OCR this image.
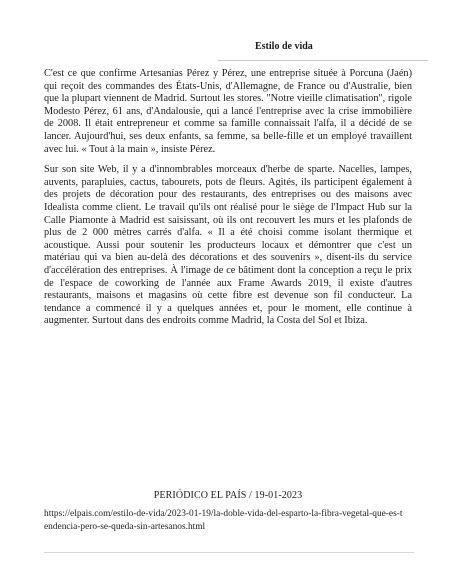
Estilo de vida

C'est ce que confirme Artesanías Pérez y Pérez, une entreprise située à Porcuna (Jaén) qui reçoit des commandes des États-Unis, d'Allemagne, de France ou d'Australie, bien que la plupart viennent de Madrid. Surtout les stores. "Notre vieille climatisation", rigole Modesto Pérez, 61 ans, d'Andalousie, qui a lancé l'entreprise avec la crise immobilière de 2008. Il était entrepreneur et comme sa famille connaissait l'alfa, il a décidé de se lancer. Aujourd'hui, ses deux enfants, sa femme, sa belle-fille et un employé travaillent avec lui. « Tout à la main », insiste Pérez.

Sur son site Web, il y a d'innombrables morceaux d'herbe de sparte. Nacelles, lampes, auvents, parapluies, cactus, tabourets, pots de fleurs. Agités, ils participent également à des projets de décoration pour des restaurants, des entreprises ou des maisons avec Idealista comme client. Le travail qu'ils ont réalisé pour le siège de l'Impact Hub sur la Calle Piamonte à Madrid est saisissant, où ils ont recouvert les murs et les plafonds de plus de 2 000 mètres carrés d'alfa. « Il a été choisi comme isolant thermique et acoustique. Aussi pour soutenir les producteurs locaux et démontrer que c'est un matériau qui va bien au-delà des décorations et des souvenirs », disent-ils du service d'accélération des entreprises. À l'image de ce bâtiment dont la conception a reçu le prix de l'espace de coworking de l'année aux Frame Awards 2019, il existe d'autres restaurants, maisons et magasins où cette fibre est devenue son fil conducteur. La tendance a commencé il y a quelques années et, pour le moment, elle continue à augmenter. Surtout dans des endroits comme Madrid, la Costa del Sol et Ibiza.

PERIÓDICO EL PAÍS / 19-01-2023
https://elpais.com/estilo-de-vida/2023-01-19/la-doble-vida-del-esparto-la-fibra-vegetal-que-es-tendencia-pero-se-queda-sin-artesanos.html
